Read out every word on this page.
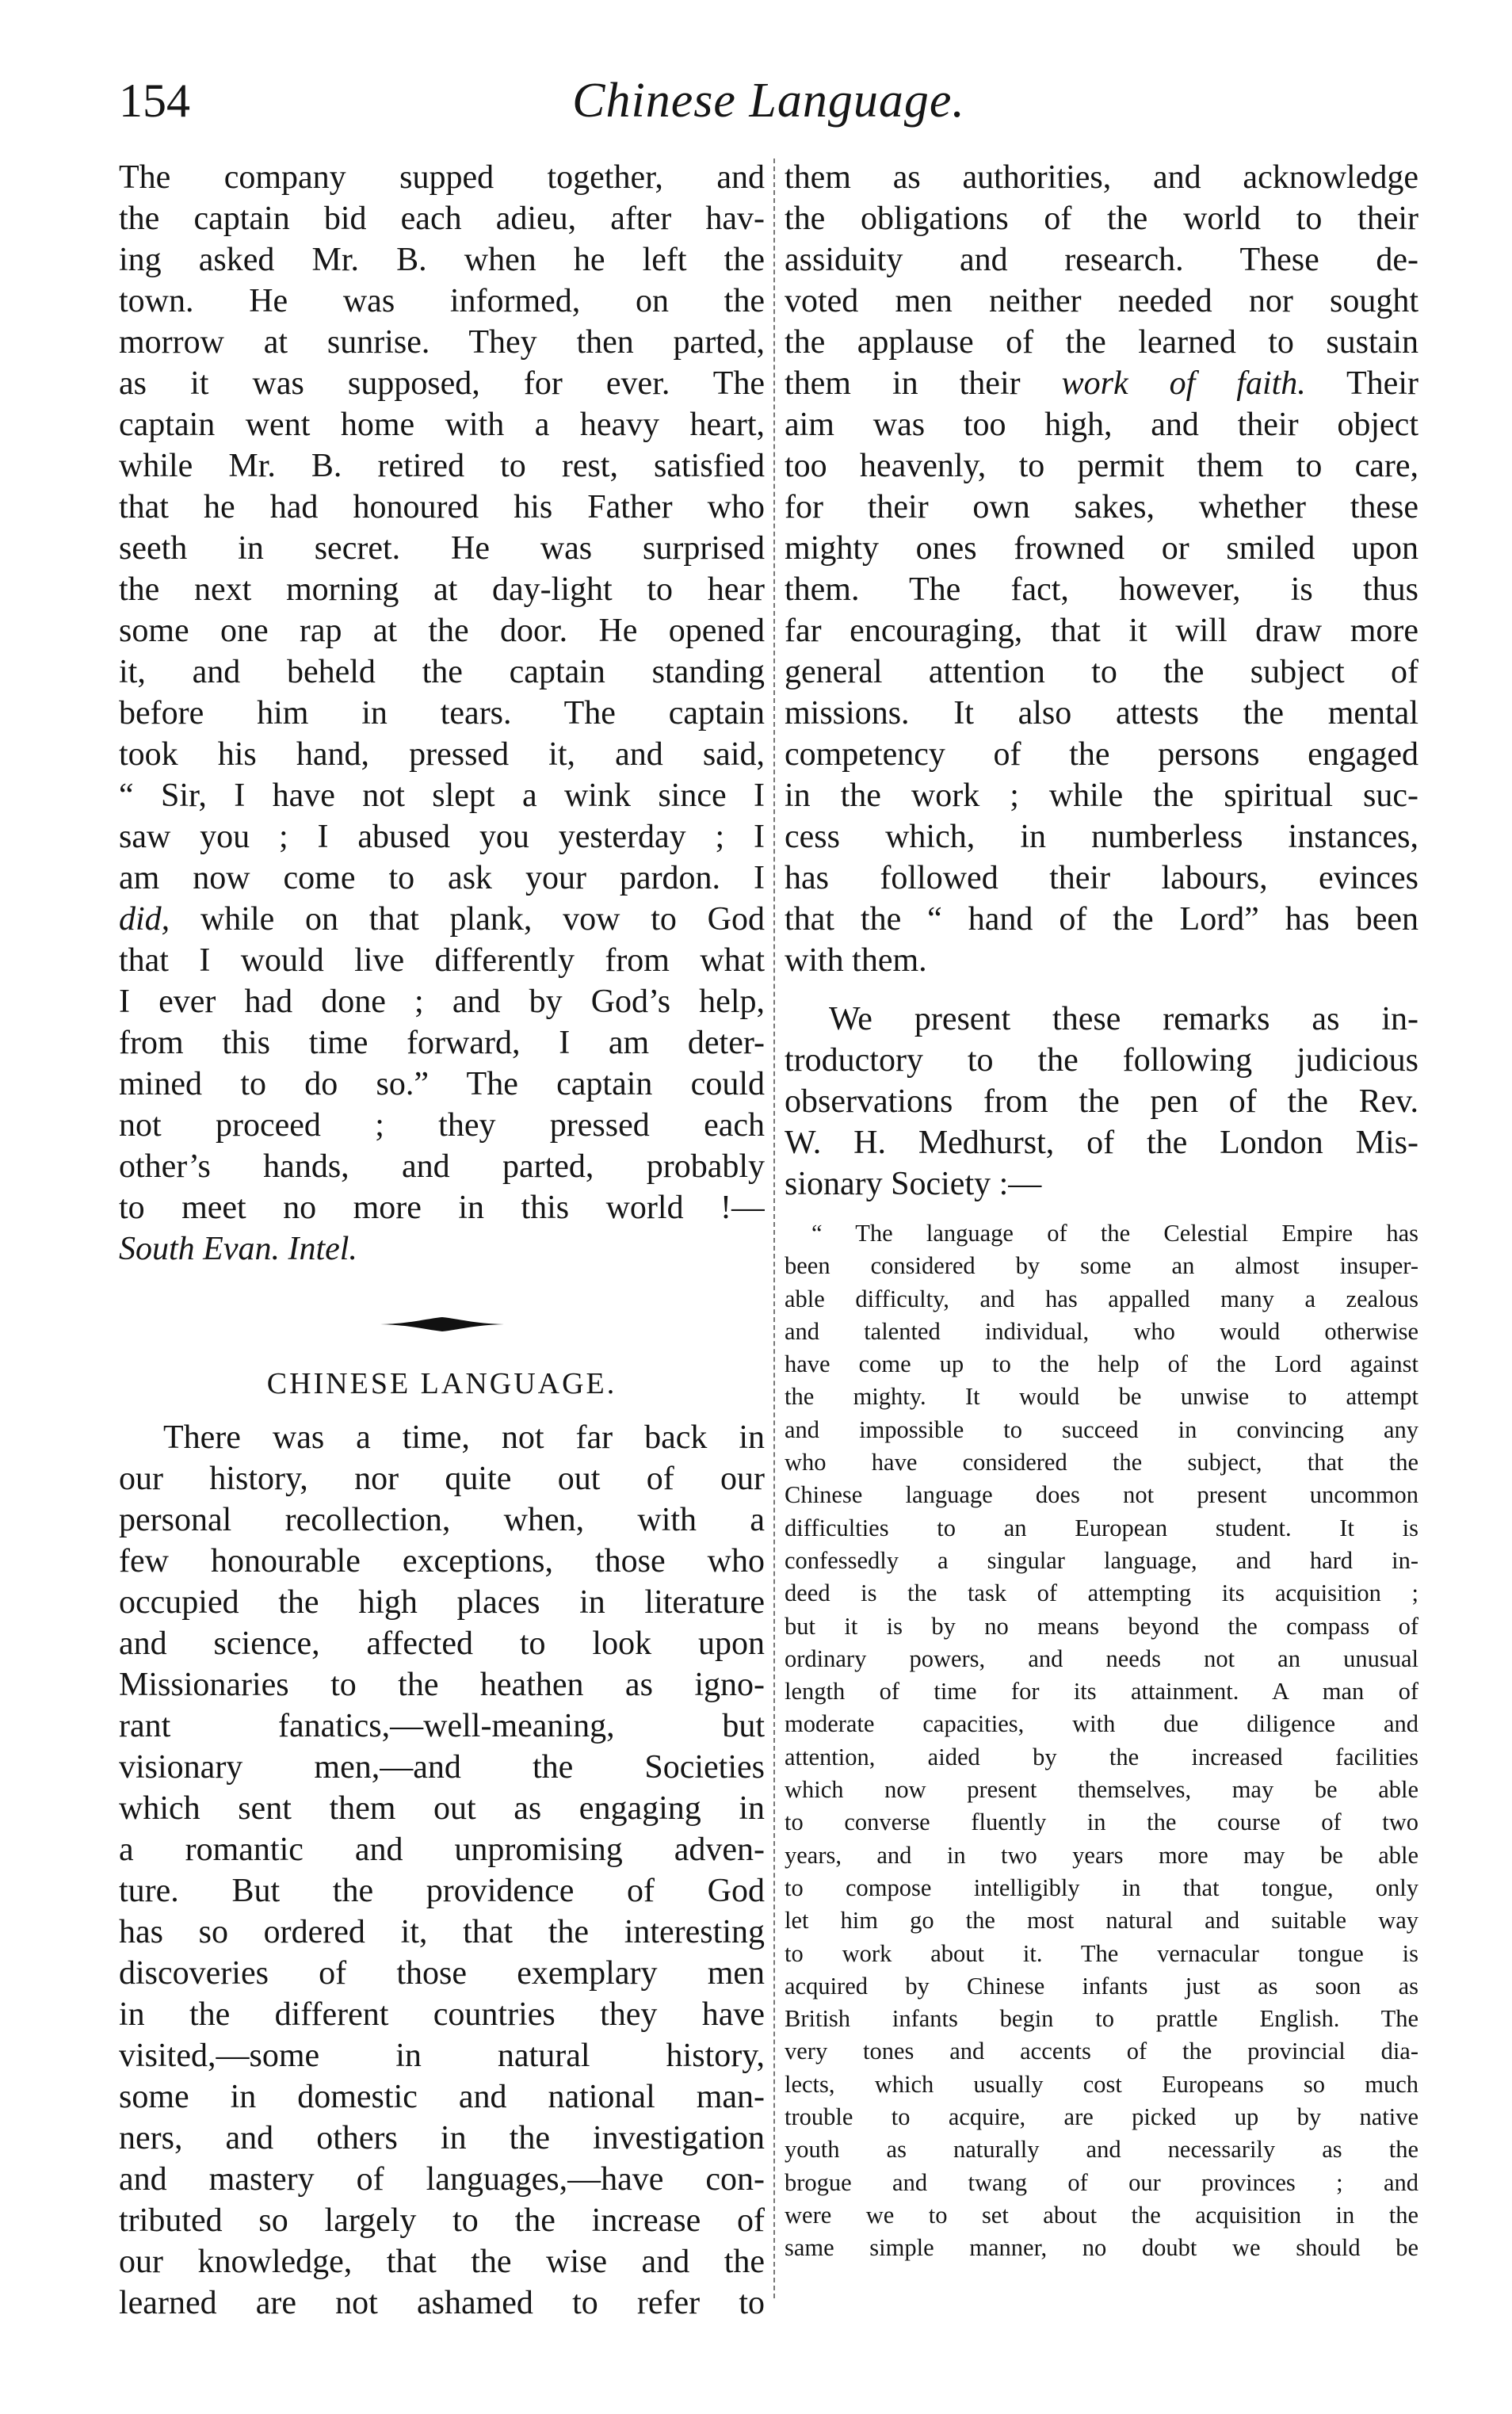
154	Chinese Language.
The company supped together, and
the captain bid each adieu, after hav-
ing asked Mr. B. when he left the
town. He was informed, on the
morrow at sunrise. They then parted,
as it was supposed, for ever. The
captain went home with a heavy heart,
while Mr. B. retired to rest, satisfied
that he had honoured his Father who
seeth in secret. He was surprised
the next morning at day-light to hear
some one rap at the door. He opened
it, and beheld the captain standing
before him in tears. The captain
took his hand, pressed it, and said,
“ Sir, I have not slept a wink since I
saw you ; I abused you yesterday ; I
am now come to ask your pardon. I
did, while on that plank, vow to God
that I would live differently from what
I ever had done ; and by God’s help,
from this time forward, I am deter-
mined to do so.” The captain could
not proceed ; they pressed each
other’s hands, and parted, probably
to meet no more in this world !—
South Evan. Intel.
CHINESE LANGUAGE.
There was a time, not far back in
our history, nor quite out of our
personal recollection, when, with a
few honourable exceptions, those who
occupied the high places in literature
and science, affected to look upon
Missionaries to the heathen as igno-
rant fanatics,—well-meaning, but
visionary men,—and the Societies
which sent them out as engaging in
a romantic and unpromising adven-
ture. But the providence of God
has so ordered it, that the interesting
discoveries of those exemplary men
in the different countries they have
visited,—some in natural history,
some in domestic and national man-
ners, and others in the investigation
and mastery of languages,—have con-
tributed so largely to the increase of
our knowledge, that the wise and the
learned are not ashamed to refer to
them as authorities, and acknowledge
the obligations of the world to their
assiduity and research. These de-
voted men neither needed nor sought
the applause of the learned to sustain
them in their work of faith. Their
aim was too high, and their object
too heavenly, to permit them to care,
for their own sakes, whether these
mighty ones frowned or smiled upon
them. The fact, however, is thus
far encouraging, that it will draw more
general attention to the subject of
missions. It also attests the mental
competency of the persons engaged
in the work ; while the spiritual suc-
cess which, in numberless instances,
has followed their labours, evinces
that the “ hand of the Lord” has been
with them.
We present these remarks as in-
troductory to the following judicious
observations from the pen of the Rev.
W. H. Medhurst, of the London Mis-
sionary Society :—
“ The language of the Celestial Empire has
been considered by some an almost insuper-
able difficulty, and has appalled many a zealous
and talented individual, who would otherwise
have come up to the help of the Lord against
the mighty. It would be unwise to attempt
and impossible to succeed in convincing any
who have considered the subject, that the
Chinese language does not present uncommon
difficulties to an European student. It is
confessedly a singular language, and hard in-
deed is the task of attempting its acquisition ;
but it is by no means beyond the compass of
ordinary powers, and needs not an unusual
length of time for its attainment. A man of
moderate capacities, with due diligence and
attention, aided by the increased facilities
which now present themselves, may be able
to converse fluently in the course of two
years, and in two years more may be able
to compose intelligibly in that tongue, only
let him go the most natural and suitable way
to work about it. The vernacular tongue is
acquired by Chinese infants just as soon as
British infants begin to prattle English. The
very tones and accents of the provincial dia-
lects, which usually cost Europeans so much
trouble to acquire, are picked up by native
youth as naturally and necessarily as the
brogue and twang of our provinces ; and
were we to set about the acquisition in the
same simple manner, no doubt we should be
